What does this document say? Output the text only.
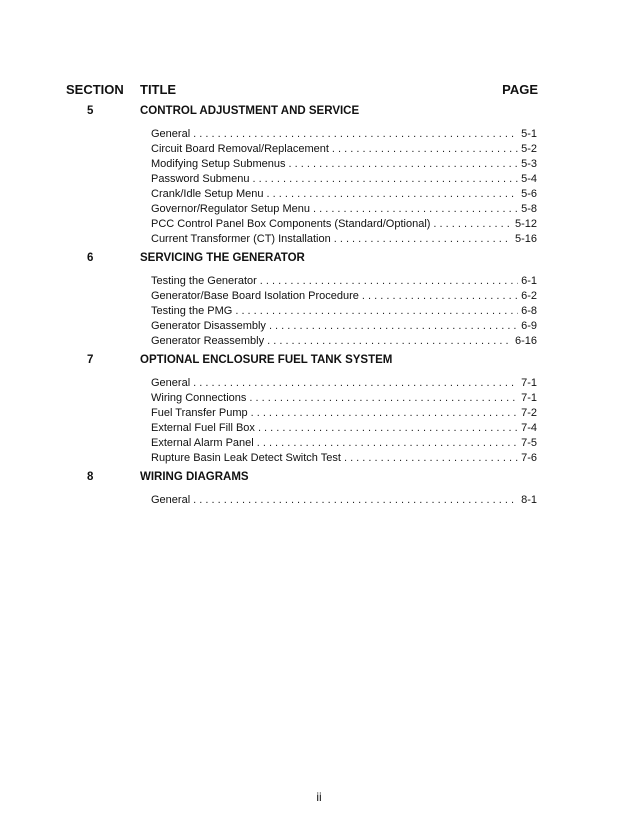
SECTION TITLE	PAGE
5	CONTROL ADJUSTMENT AND SERVICE
General . . .	5-1
Circuit Board Removal/Replacement . . .	5-2
Modifying Setup Submenus . . .	5-3
Password Submenu . . .	5-4
Crank/Idle Setup Menu . . .	5-6
Governor/Regulator Setup Menu . . .	5-8
PCC Control Panel Box Components (Standard/Optional) . . .	5-12
Current Transformer (CT) Installation . . .	5-16
6	SERVICING THE GENERATOR
Testing the Generator . . .	6-1
Generator/Base Board Isolation Procedure . . .	6-2
Testing the PMG . . .	6-8
Generator Disassembly . . .	6-9
Generator Reassembly . . .	6-16
7	OPTIONAL ENCLOSURE FUEL TANK SYSTEM
General . . .	7-1
Wiring Connections . . .	7-1
Fuel Transfer Pump . . .	7-2
External Fuel Fill Box . . .	7-4
External Alarm Panel . . .	7-5
Rupture Basin Leak Detect Switch Test . . .	7-6
8	WIRING DIAGRAMS
General . . .	8-1
ii
